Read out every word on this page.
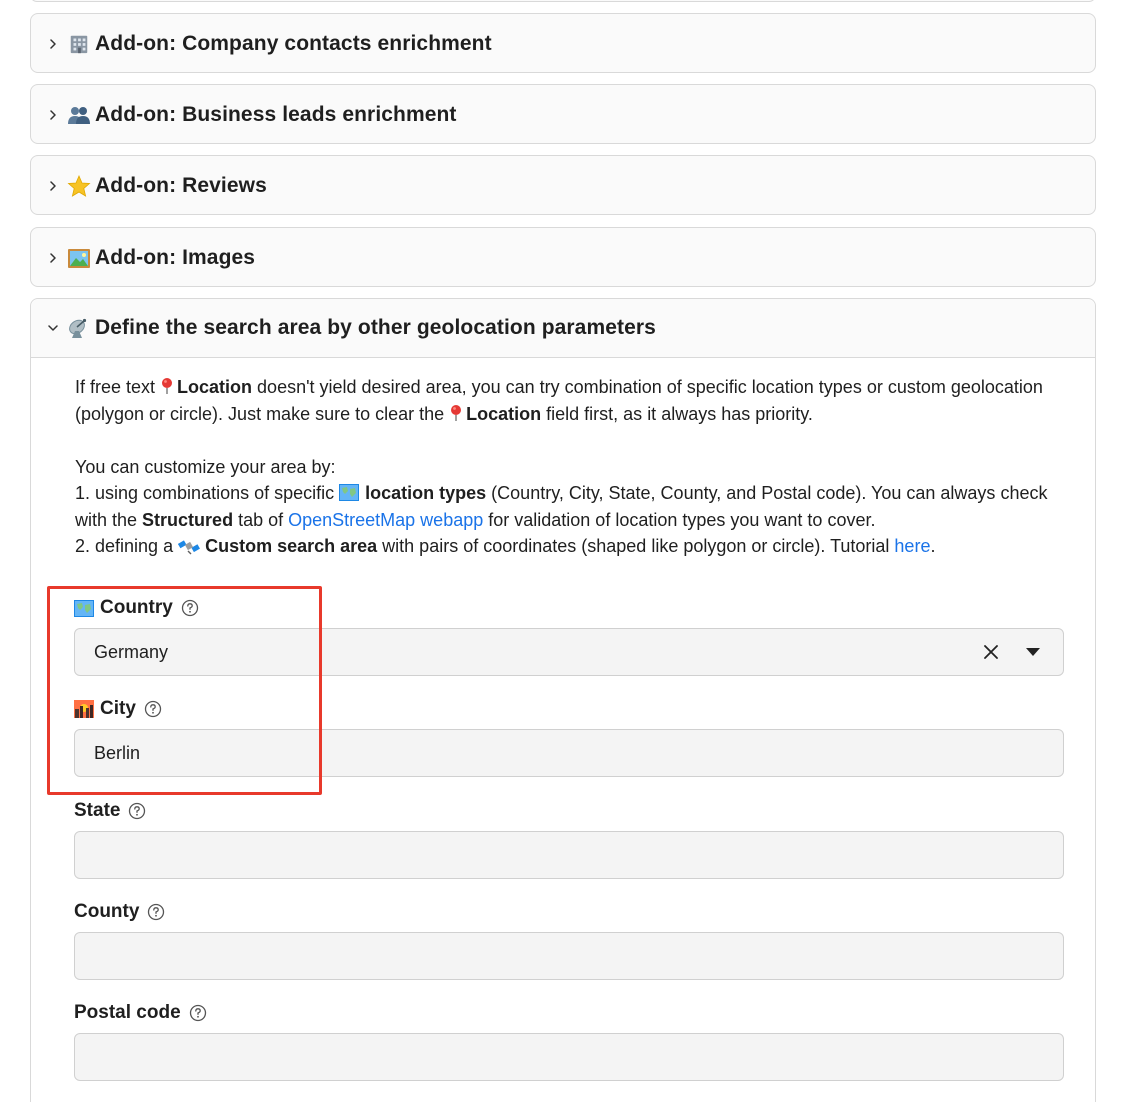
Add-on: Company contacts enrichment
Add-on: Business leads enrichment
Add-on: Reviews
Add-on: Images
Define the search area by other geolocation parameters

If free text Location doesn't yield desired area, you can try combination of specific location types or custom geolocation (polygon or circle). Just make sure to clear the Location field first, as it always has priority.

You can customize your area by:

1. using combinations of specific location types (Country, City, State, County, and Postal code). You can always check with the Structured tab of OpenStreetMap webapp for validation of location types you want to cover.

2. defining a Custom search area with pairs of coordinates (shaped like polygon or circle). Tutorial here.

Country
Germany
City
Berlin
State
County
Postal code
